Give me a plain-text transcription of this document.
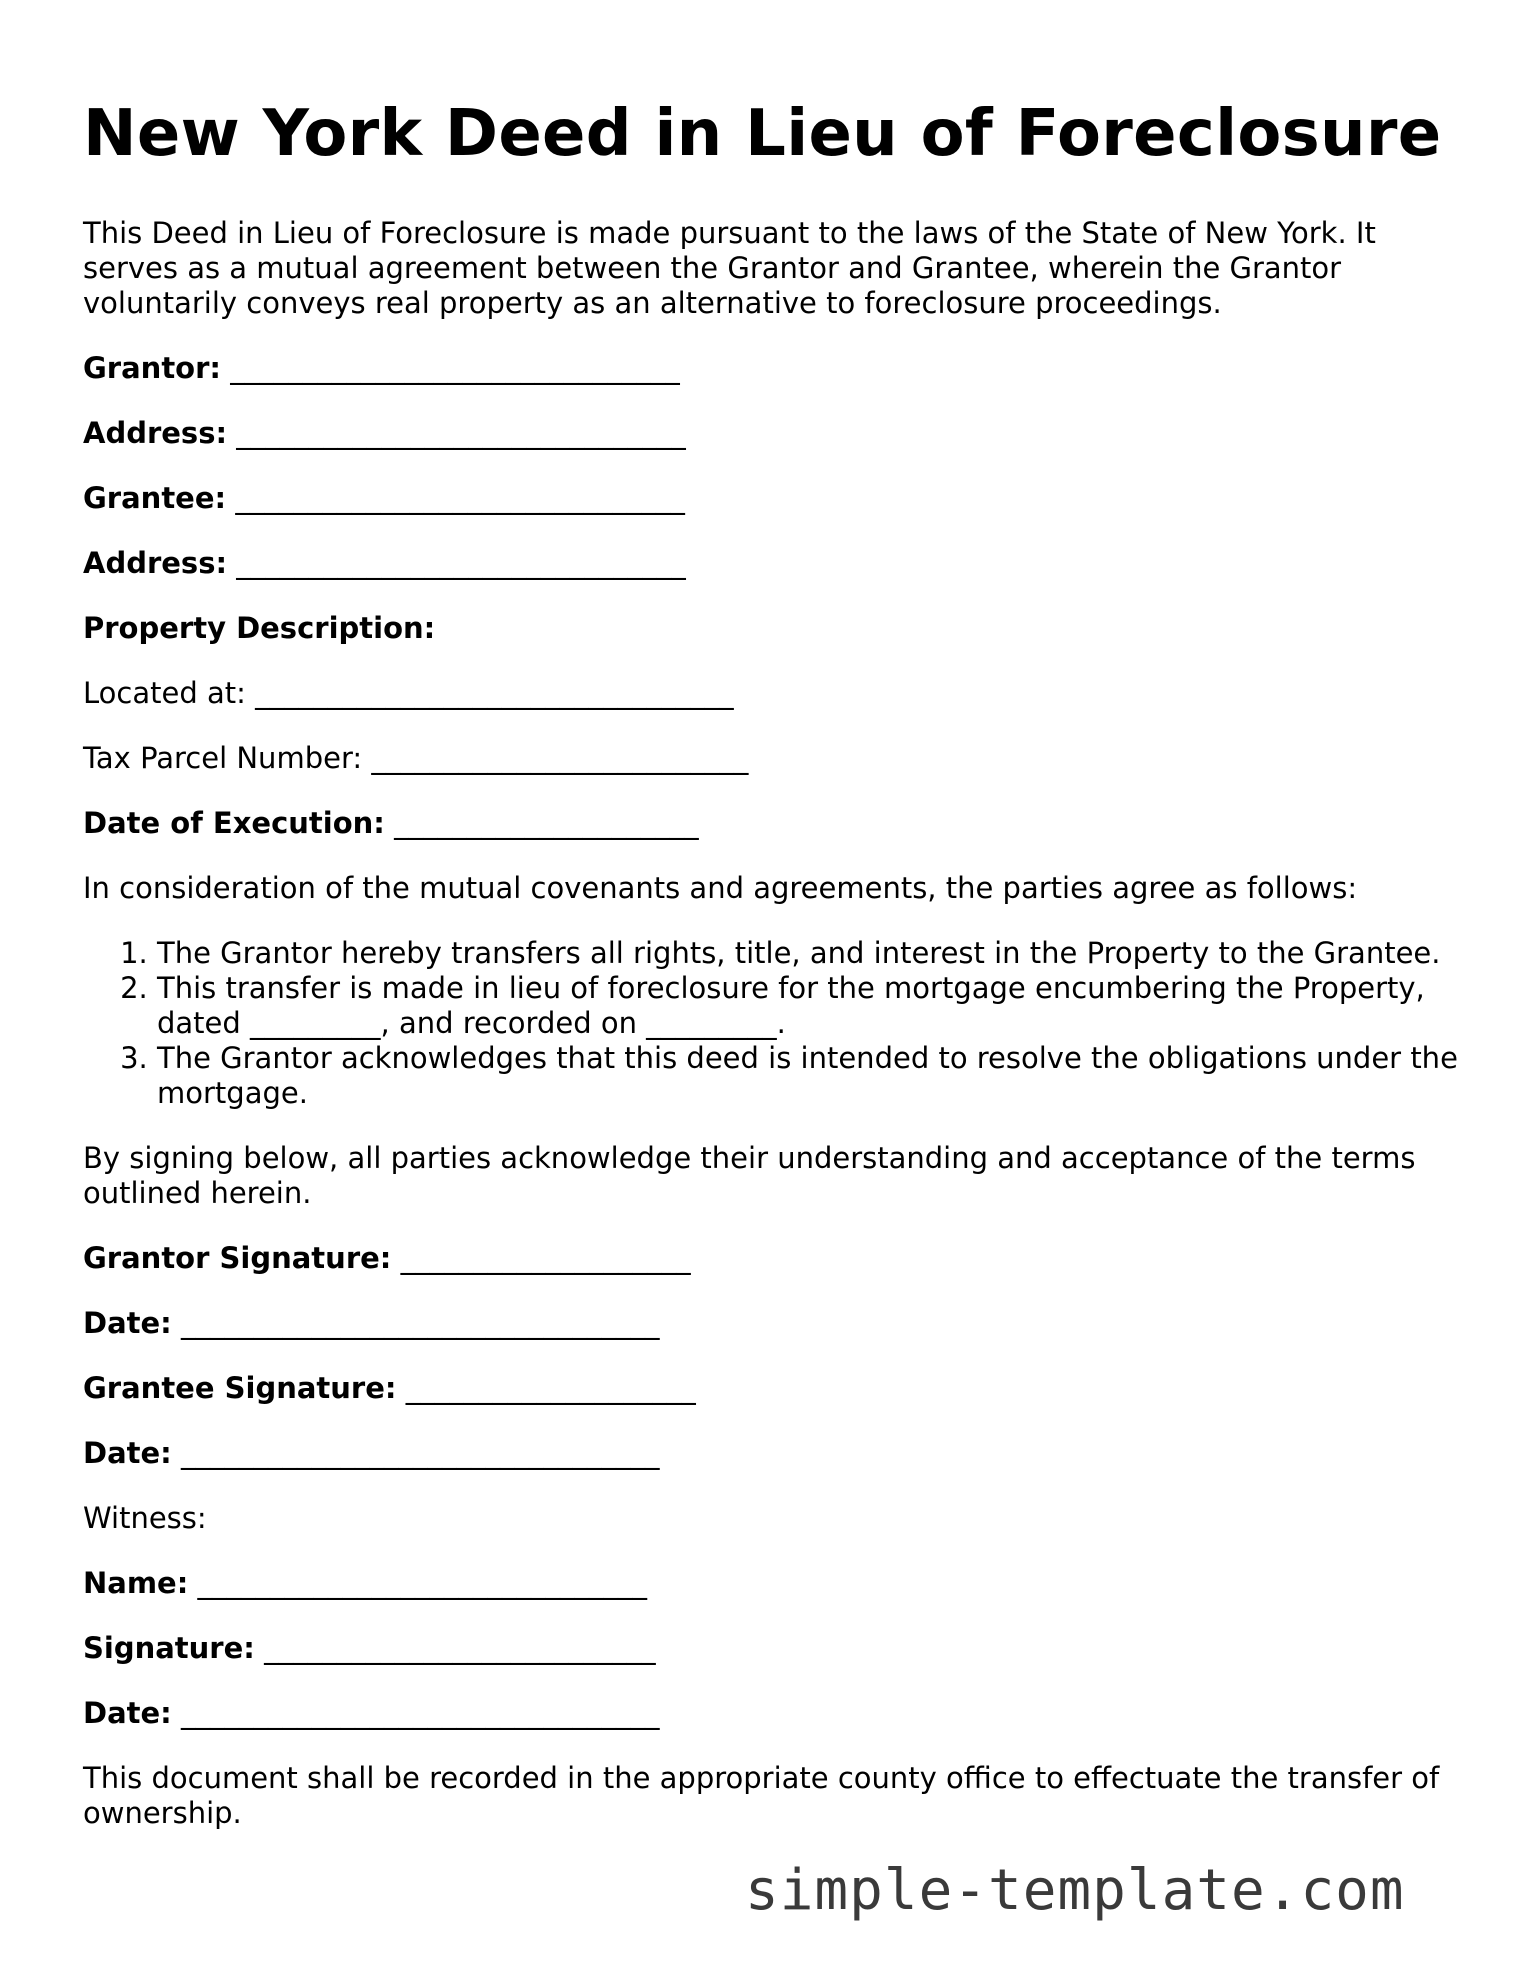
New York Deed in Lieu of Foreclosure

This Deed in Lieu of Foreclosure is made pursuant to the laws of the State of New York. It serves as a mutual agreement between the Grantor and Grantee, wherein the Grantor voluntarily conveys real property as an alternative to foreclosure proceedings.

Grantor: _______________________________
Address: _______________________________
Grantee: _______________________________
Address: _______________________________
Property Description:
Located at: _________________________________
Tax Parcel Number: __________________________
Date of Execution: _____________________

In consideration of the mutual covenants and agreements, the parties agree as follows:

1. The Grantor hereby transfers all rights, title, and interest in the Property to the Grantee.
2. This transfer is made in lieu of foreclosure for the mortgage encumbering the Property, dated _________, and recorded on _________.
3. The Grantor acknowledges that this deed is intended to resolve the obligations under the mortgage.

By signing below, all parties acknowledge their understanding and acceptance of the terms outlined herein.

Grantor Signature: ____________________
Date: _________________________________
Grantee Signature: ____________________
Date: _________________________________
Witness:
Name: _______________________________
Signature: ___________________________
Date: _________________________________

This document shall be recorded in the appropriate county office to effectuate the transfer of ownership.

simple-template.com
